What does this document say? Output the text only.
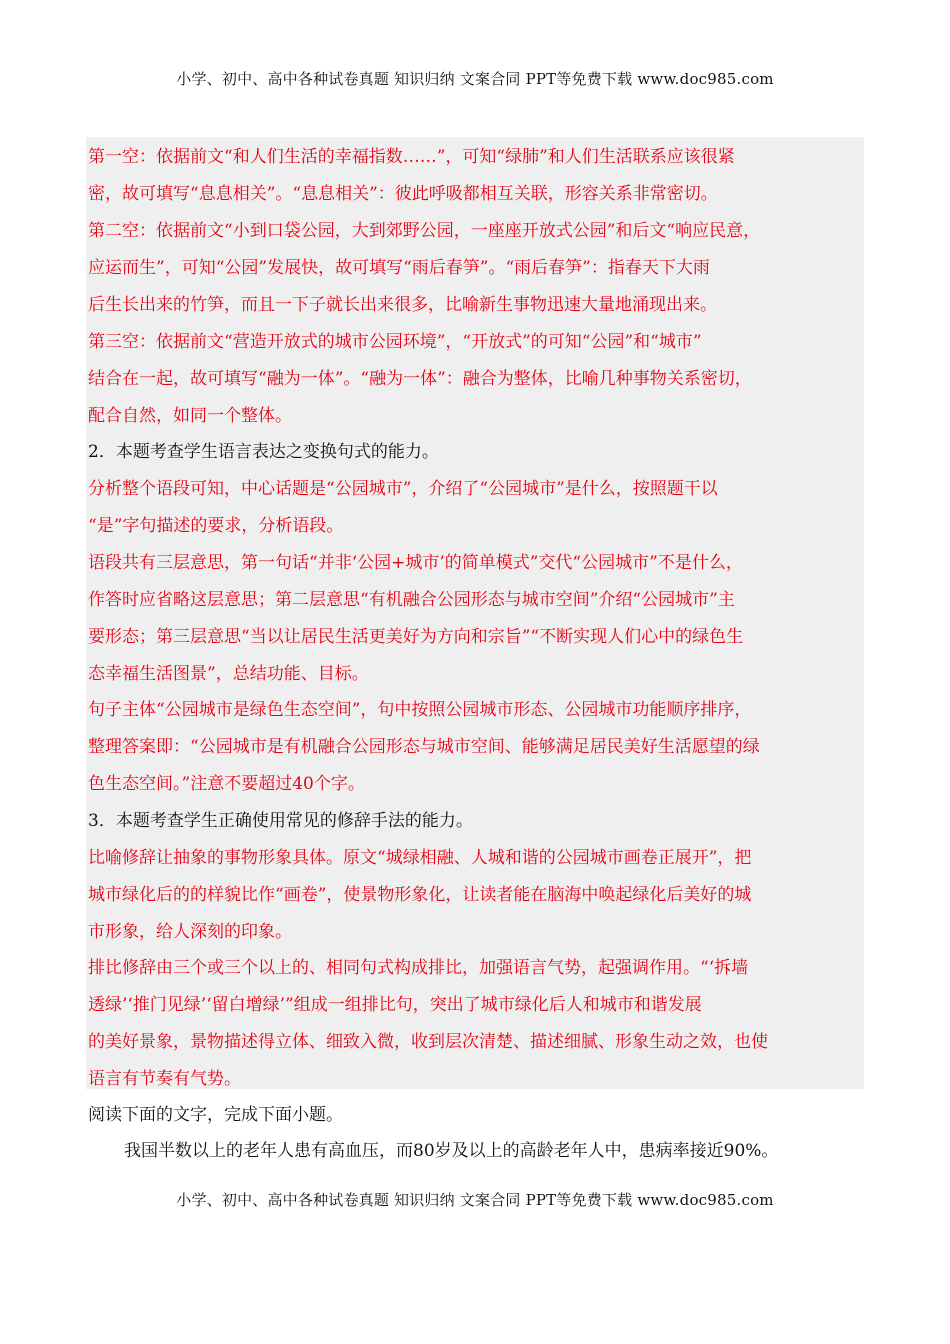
小学、初中、高中各种试卷真题 知识归纳 文案合同 PPT等免费下载 www.doc985.com
第一空：依据前文“和人们生活的幸福指数……”，可知“绿肺”和人们生活联系应该很紧
密，故可填写“息息相关”。“息息相关”：彼此呼吸都相互关联，形容关系非常密切。
第二空：依据前文“小到口袋公园，大到郊野公园，一座座开放式公园”和后文“响应民意，
应运而生”，可知“公园”发展快，故可填写“雨后春笋”。“雨后春笋”：指春天下大雨
后生长出来的竹笋，而且一下子就长出来很多，比喻新生事物迅速大量地涌现出来。
第三空：依据前文“营造开放式的城市公园环境”，“开放式”的可知“公园”和“城市”
结合在一起，故可填写“融为一体”。“融为一体”：融合为整体，比喻几种事物关系密切，
配合自然，如同一个整体。
2．本题考查学生语言表达之变换句式的能力。
分析整个语段可知，中心话题是“公园城市”，介绍了“公园城市”是什么，按照题干以
“是”字句描述的要求，分析语段。
语段共有三层意思，第一句话“并非‘公园+城市’的简单模式”交代“公园城市”不是什么，
作答时应省略这层意思；第二层意思“有机融合公园形态与城市空间”介绍“公园城市”主
要形态；第三层意思“当以让居民生活更美好为方向和宗旨”“不断实现人们心中的绿色生
态幸福生活图景”，总结功能、目标。
句子主体“公园城市是绿色生态空间”，句中按照公园城市形态、公园城市功能顺序排序，
整理答案即：“公园城市是有机融合公园形态与城市空间、能够满足居民美好生活愿望的绿
色生态空间。”注意不要超过40个字。
3．本题考查学生正确使用常见的修辞手法的能力。
比喻修辞让抽象的事物形象具体。原文“城绿相融、人城和谐的公园城市画卷正展开”，把
城市绿化后的的样貌比作“画卷”，使景物形象化，让读者能在脑海中唤起绿化后美好的城
市形象，给人深刻的印象。
排比修辞由三个或三个以上的、相同句式构成排比，加强语言气势，起强调作用。“‘拆墙
透绿’‘推门见绿’‘留白增绿’”组成一组排比句，突出了城市绿化后人和城市和谐发展
的美好景象，景物描述得立体、细致入微，收到层次清楚、描述细腻、形象生动之效，也使
语言有节奏有气势。
阅读下面的文字，完成下面小题。
我国半数以上的老年人患有高血压，而80岁及以上的高龄老年人中，患病率接近90%。
小学、初中、高中各种试卷真题 知识归纳 文案合同 PPT等免费下载 www.doc985.com
